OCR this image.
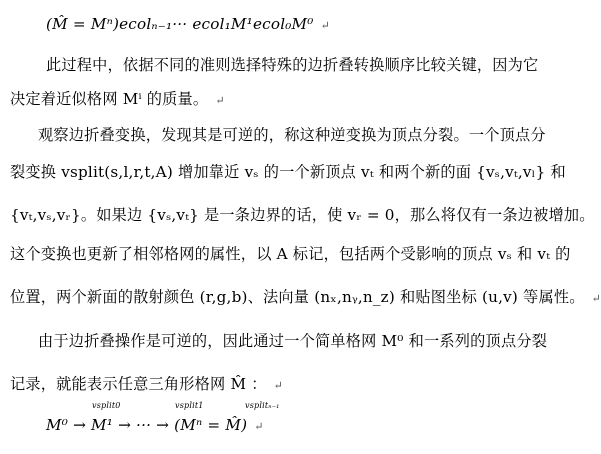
(M̂ = Mⁿ)ecolₙ₋₁··· ecol₁M¹ecol₀M⁰ ↵
此过程中，依据不同的准则选择特殊的边折叠转换顺序比较关键，因为它
决定着近似格网 Mⁱ 的质量。 ↵
观察边折叠变换，发现其是可逆的，称这种逆变换为顶点分裂。一个顶点分
裂变换 vsplit(s,l,r,t,A) 增加靠近 vₛ 的一个新顶点 vₜ 和两个新的面 {vₛ,vₜ,vₗ} 和
{vₜ,vₛ,vᵣ}。如果边 {vₛ,vₜ} 是一条边界的话，使 vᵣ = 0，那么将仅有一条边被增加。
这个变换也更新了相邻格网的属性，以 A 标记，包括两个受影响的顶点 vₛ 和 vₜ 的
位置，两个新面的散射颜色 (r,g,b)、法向量 (nₓ,nᵧ,n_z) 和贴图坐标 (u,v) 等属性。 ↵
由于边折叠操作是可逆的，因此通过一个简单格网 M⁰ 和一系列的顶点分裂
记录，就能表示任意三角形格网 M̂ ： ↵
M⁰ → M¹ → ··· → (Mⁿ = M̂) ↵
vsplit0	vsplit1	vsplitₙ₋₁
